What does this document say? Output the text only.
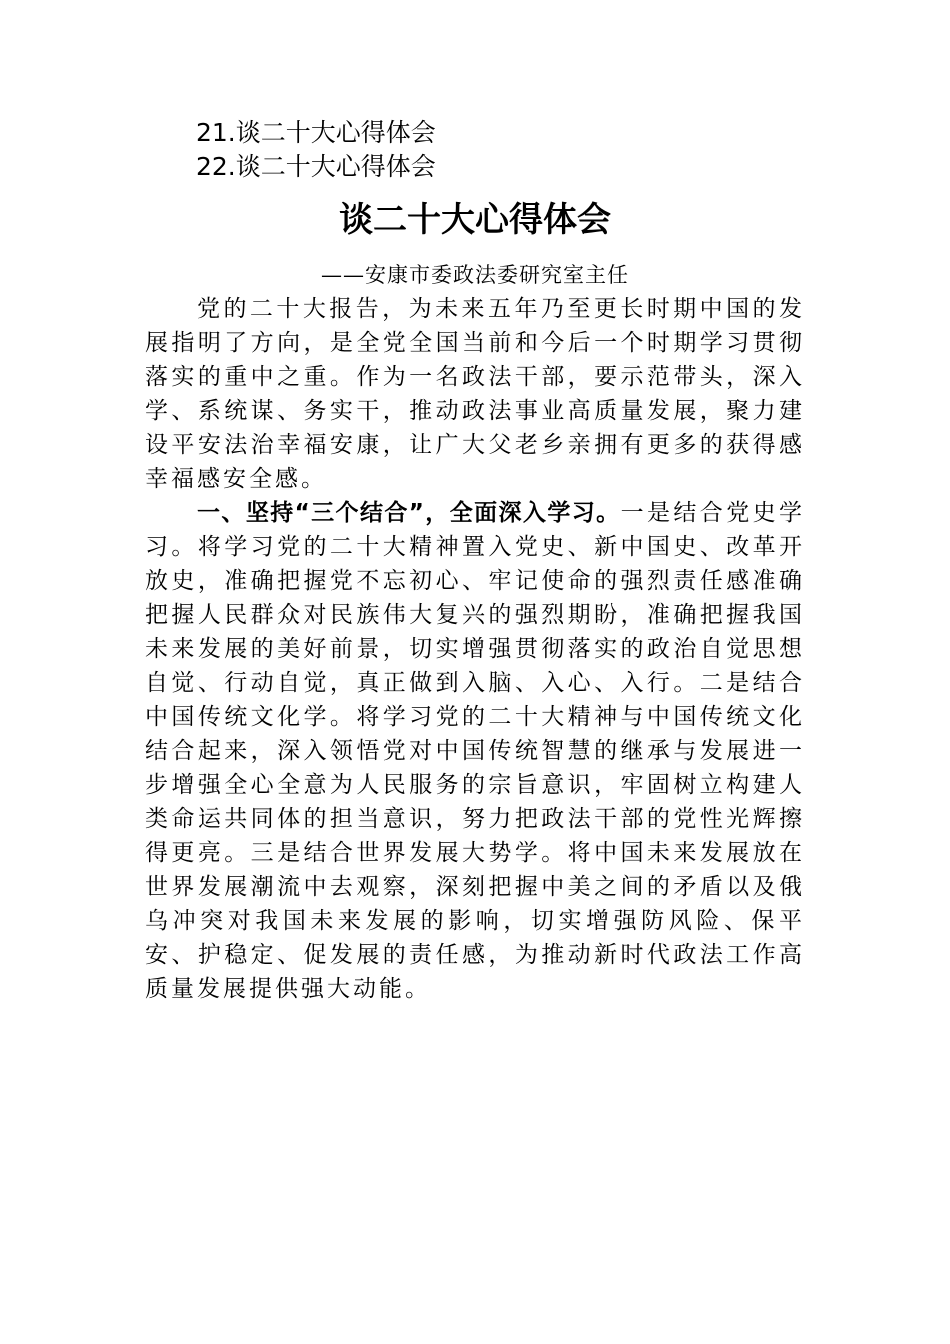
21.谈二十大心得体会
22.谈二十大心得体会
谈二十大心得体会
——安康市委政法委研究室主任

党的二十大报告，为未来五年乃至更长时期中国的发展指明了方向，是全党全国当前和今后一个时期学习贯彻落实的重中之重。作为一名政法干部，要示范带头，深入学、系统谋、务实干，推动政法事业高质量发展，聚力建设平安法治幸福安康，让广大父老乡亲拥有更多的获得感幸福感安全感。

一、坚持“三个结合”，全面深入学习。一是结合党史学习。将学习党的二十大精神置入党史、新中国史、改革开放史，准确把握党不忘初心、牢记使命的强烈责任感准确把握人民群众对民族伟大复兴的强烈期盼，准确把握我国未来发展的美好前景，切实增强贯彻落实的政治自觉思想自觉、行动自觉，真正做到入脑、入心、入行。二是结合中国传统文化学。将学习党的二十大精神与中国传统文化结合起来，深入领悟党对中国传统智慧的继承与发展进一步增强全心全意为人民服务的宗旨意识，牢固树立构建人类命运共同体的担当意识，努力把政法干部的党性光辉擦得更亮。三是结合世界发展大势学。将中国未来发展放在世界发展潮流中去观察，深刻把握中美之间的矛盾以及俄乌冲突对我国未来发展的影响，切实增强防风险、保平安、护稳定、促发展的责任感，为推动新时代政法工作高质量发展提供强大动能。
